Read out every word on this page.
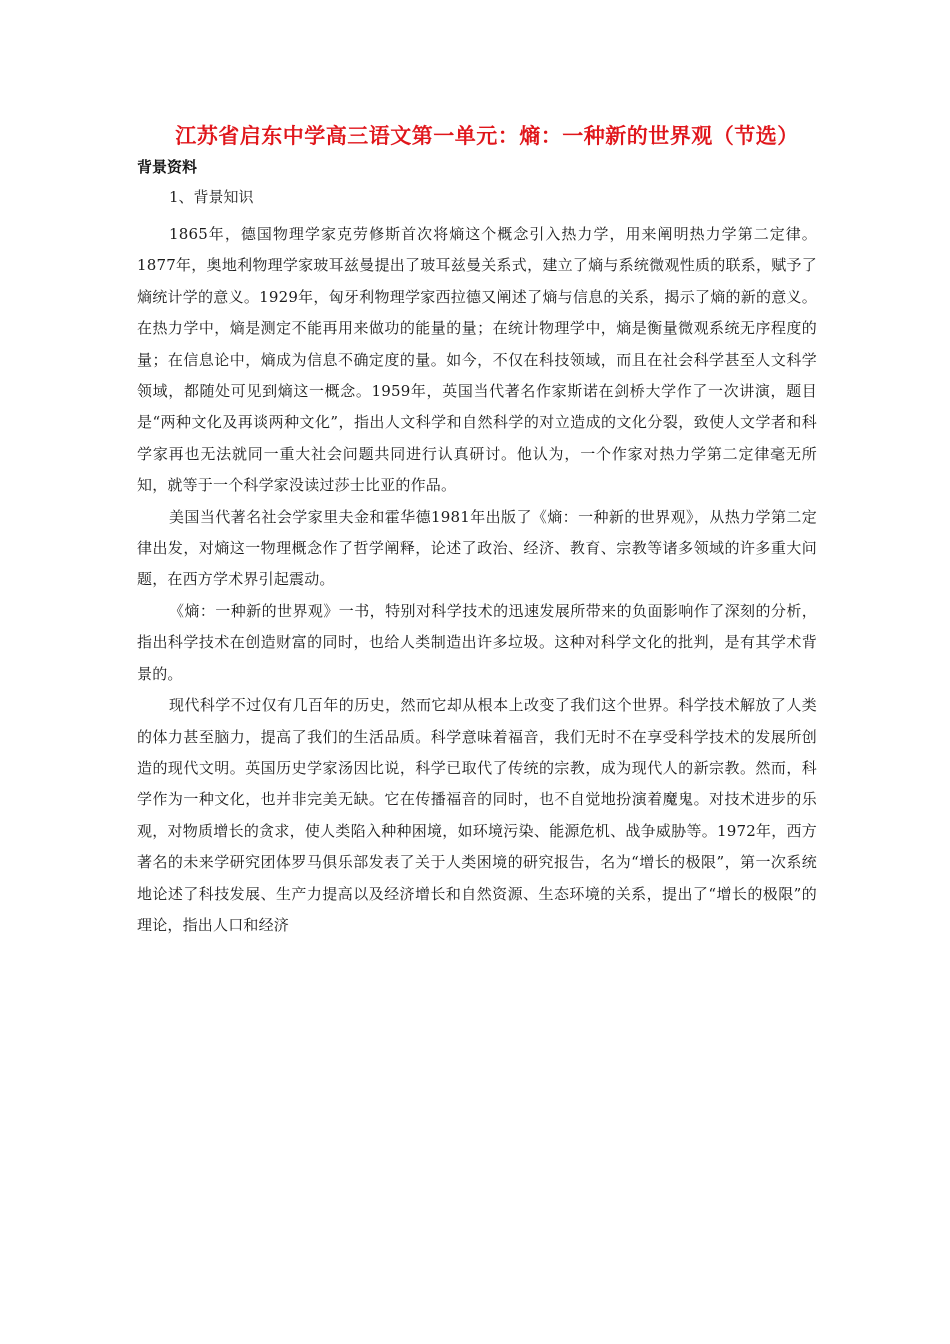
江苏省启东中学高三语文第一单元：熵：一种新的世界观（节选）
背景资料

1、背景知识

1865年，德国物理学家克劳修斯首次将熵这个概念引入热力学，用来阐明热力学第二定律。1877年，奥地利物理学家玻耳兹曼提出了玻耳兹曼关系式，建立了熵与系统微观性质的联系，赋予了熵统计学的意义。1929年，匈牙利物理学家西拉德又阐述了熵与信息的关系，揭示了熵的新的意义。在热力学中，熵是测定不能再用来做功的能量的量；在统计物理学中，熵是衡量微观系统无序程度的量；在信息论中，熵成为信息不确定度的量。如今，不仅在科技领域，而且在社会科学甚至人文科学领域，都随处可见到熵这一概念。1959年，英国当代著名作家斯诺在剑桥大学作了一次讲演，题目是“两种文化及再谈两种文化”，指出人文科学和自然科学的对立造成的文化分裂，致使人文学者和科学家再也无法就同一重大社会问题共同进行认真研讨。他认为，一个作家对热力学第二定律毫无所知，就等于一个科学家没读过莎士比亚的作品。

美国当代著名社会学家里夫金和霍华德1981年出版了《熵：一种新的世界观》，从热力学第二定律出发，对熵这一物理概念作了哲学阐释，论述了政治、经济、教育、宗教等诸多领域的许多重大问题，在西方学术界引起震动。

《熵：一种新的世界观》一书，特别对科学技术的迅速发展所带来的负面影响作了深刻的分析，指出科学技术在创造财富的同时，也给人类制造出许多垃圾。这种对科学文化的批判，是有其学术背景的。

现代科学不过仅有几百年的历史，然而它却从根本上改变了我们这个世界。科学技术解放了人类的体力甚至脑力，提高了我们的生活品质。科学意味着福音，我们无时不在享受科学技术的发展所创造的现代文明。英国历史学家汤因比说，科学已取代了传统的宗教，成为现代人的新宗教。然而，科学作为一种文化，也并非完美无缺。它在传播福音的同时，也不自觉地扮演着魔鬼。对技术进步的乐观，对物质增长的贪求，使人类陷入种种困境，如环境污染、能源危机、战争威胁等。1972年，西方著名的未来学研究团体罗马俱乐部发表了关于人类困境的研究报告，名为“增长的极限”，第一次系统地论述了科技发展、生产力提高以及经济增长和自然资源、生态环境的关系，提出了“增长的极限”的理论，指出人口和经济
